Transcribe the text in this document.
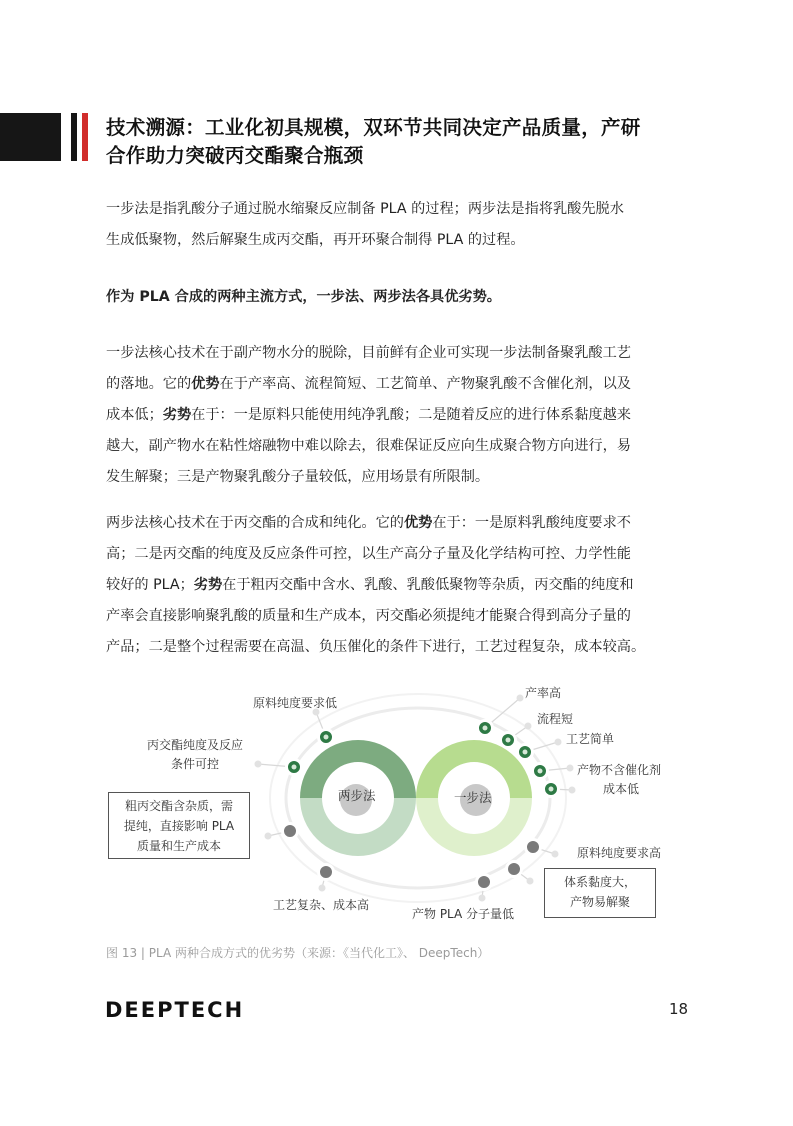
技术溯源：工业化初具规模，双环节共同决定产品质量，产研
合作助力突破丙交酯聚合瓶颈
一步法是指乳酸分子通过脱水缩聚反应制备 PLA 的过程；两步法是指将乳酸先脱水
生成低聚物，然后解聚生成丙交酯，再开环聚合制得 PLA 的过程。
作为 PLA 合成的两种主流方式，一步法、两步法各具优劣势。
一步法核心技术在于副产物水分的脱除，目前鲜有企业可实现一步法制备聚乳酸工艺
的落地。它的优势在于产率高、流程简短、工艺简单、产物聚乳酸不含催化剂，以及
成本低；劣势在于：一是原料只能使用纯净乳酸；二是随着反应的进行体系黏度越来
越大，副产物水在粘性熔融物中难以除去，很难保证反应向生成聚合物方向进行，易
发生解聚；三是产物聚乳酸分子量较低，应用场景有所限制。
两步法核心技术在于丙交酯的合成和纯化。它的优势在于：一是原料乳酸纯度要求不
高；二是丙交酯的纯度及反应条件可控，以生产高分子量及化学结构可控、力学性能
较好的 PLA；劣势在于粗丙交酯中含水、乳酸、乳酸低聚物等杂质，丙交酯的纯度和
产率会直接影响聚乳酸的质量和生产成本，丙交酯必须提纯才能聚合得到高分子量的
产品；二是整个过程需要在高温、负压催化的条件下进行，工艺过程复杂，成本较高。
两步法	一步法
原料纯度要求低
丙交酯纯度及反应
条件可控
粗丙交酯含杂质，需
提纯，直接影响 PLA
质量和生产成本
工艺复杂、成本高
产物 PLA 分子量低
产率高
流程短
工艺简单
产物不含催化剂
成本低
原料纯度要求高
体系黏度大，
产物易解聚
图 13 | PLA 两种合成方式的优劣势（来源：《当代化工》、 DeepTech）
DEEPTECH	18
